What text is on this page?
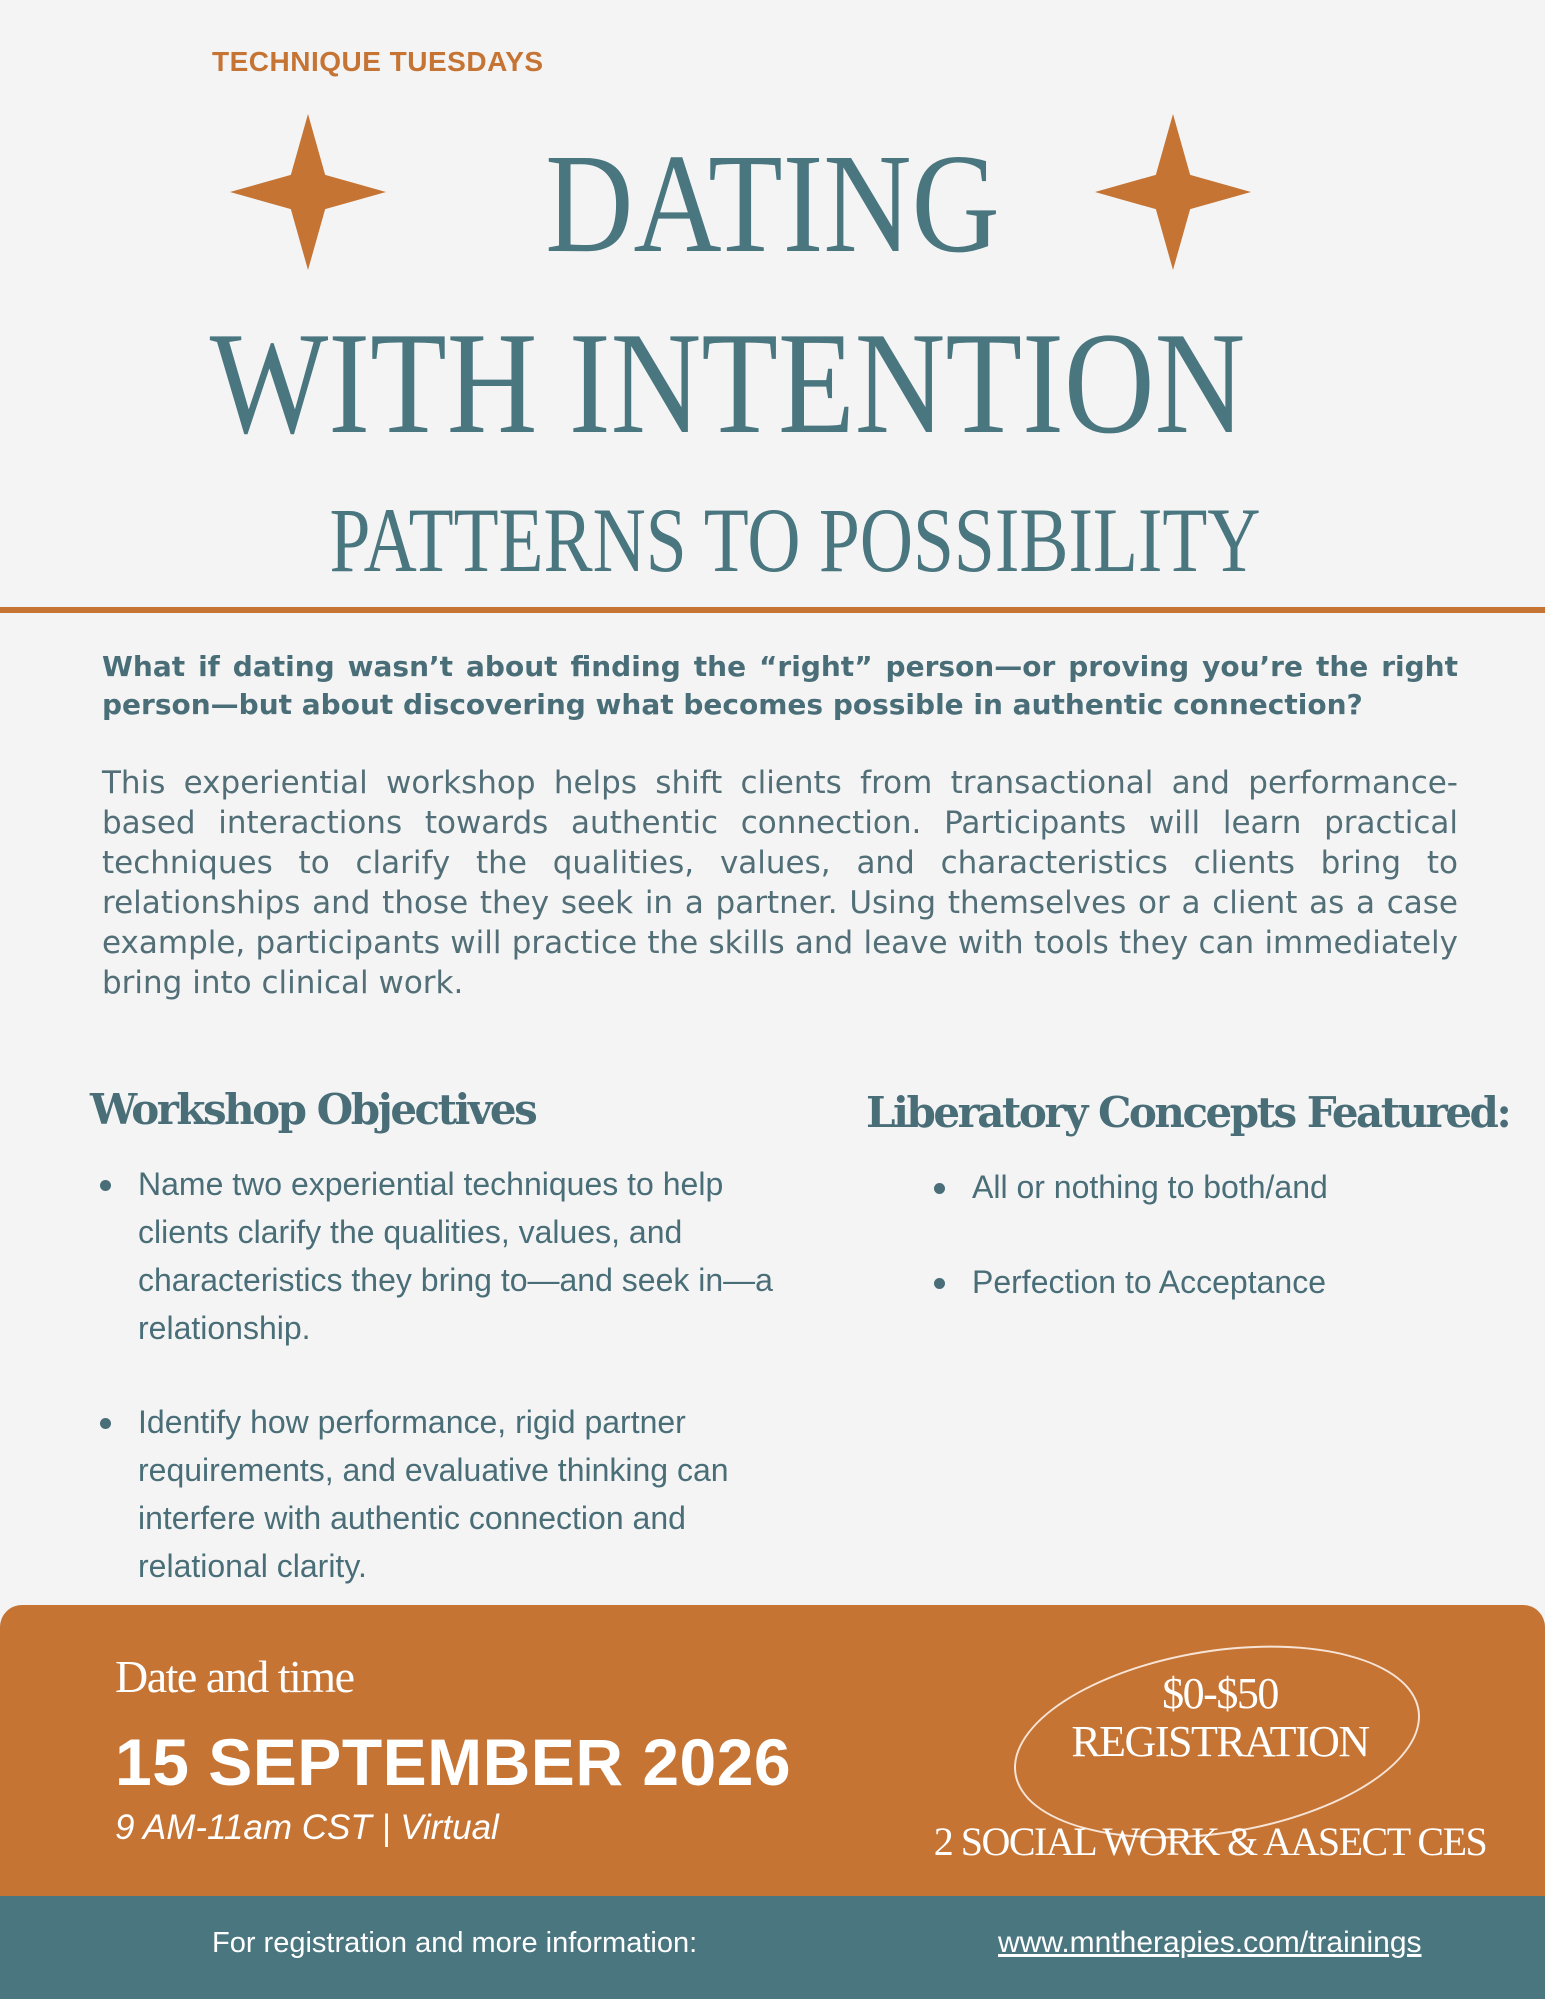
TECHNIQUE TUESDAYS
DATING
WITH INTENTION
PATTERNS TO POSSIBILITY
What if dating wasn’t about finding the “right” person—or proving you’re the right person—but about discovering what becomes possible in authentic connection?
This experiential workshop helps shift clients from transactional and performance-based interactions towards authentic connection. Participants will learn practical techniques to clarify the qualities, values, and characteristics clients bring to relationships and those they seek in a partner. Using themselves or a client as a case example, participants will practice the skills and leave with tools they can immediately bring into clinical work.
Workshop Objectives
Name two experiential techniques to help clients clarify the qualities, values, and characteristics they bring to—and seek in—a relationship.
Identify how performance, rigid partner requirements, and evaluative thinking can interfere with authentic connection and relational clarity.
Liberatory Concepts Featured:
All or nothing to both/and
Perfection to Acceptance
Date and time
15 SEPTEMBER 2026
9 AM-11am CST | Virtual
$0-$50
REGISTRATION
2 SOCIAL WORK & AASECT CES
For registration and more information:	www.mntherapies.com/trainings
